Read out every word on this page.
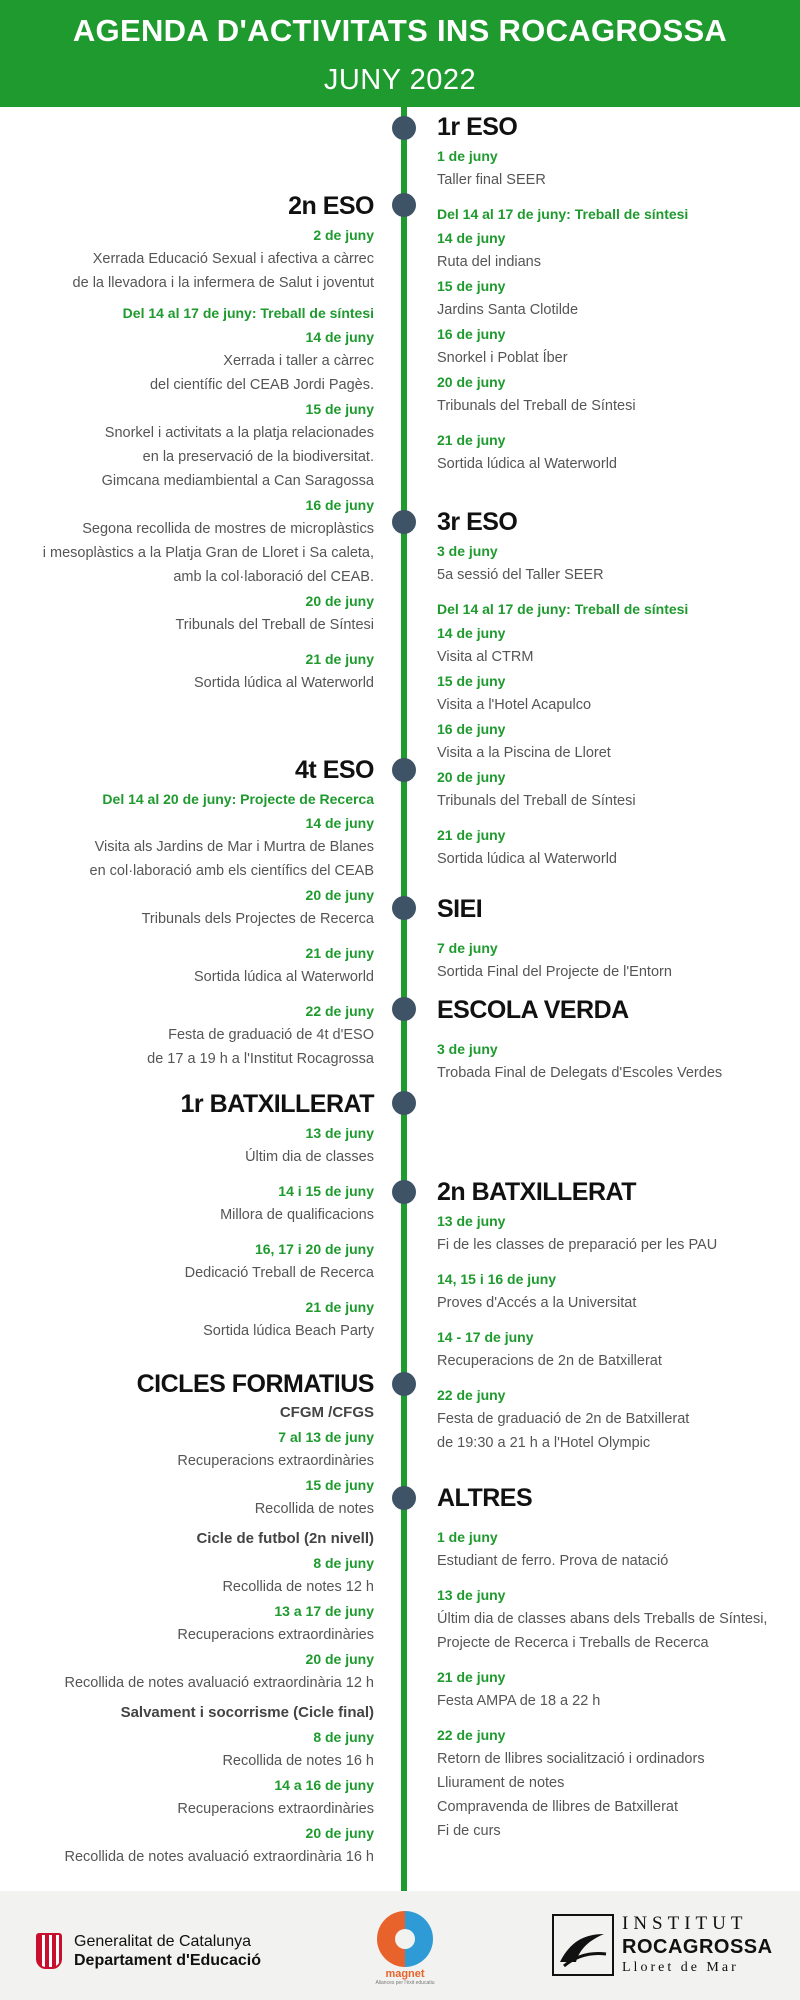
AGENDA D'ACTIVITATS INS ROCAGROSSA
JUNY 2022
1r ESO
1 de juny
Taller final SEER
Del 14 al 17 de juny: Treball de síntesi
14 de juny
Ruta del indians
15 de juny
Jardins Santa Clotilde
16 de juny
Snorkel i Poblat Íber
20 de juny
Tribunals del Treball de Síntesi
21 de juny
Sortida lúdica al Waterworld
2n ESO
2 de juny
Xerrada Educació Sexual i afectiva a càrrec
de la llevadora i la infermera de Salut i joventut
Del 14 al 17 de juny: Treball de síntesi
14 de juny
Xerrada i taller a càrrec
del científic del CEAB Jordi Pagès.
15 de juny
Snorkel i activitats a la platja relacionades
en la preservació de la biodiversitat.
Gimcana mediambiental a Can Saragossa
16 de juny
Segona recollida de mostres de microplàstics
i mesoplàstics a la Platja Gran de Lloret i Sa caleta,
amb la col·laboració del CEAB.
20 de juny
Tribunals del Treball de Síntesi
21 de juny
Sortida lúdica al Waterworld
3r ESO
3 de juny
5a sessió del Taller SEER
Del 14 al 17 de juny: Treball de síntesi
14 de juny
Visita al CTRM
15 de juny
Visita a l'Hotel Acapulco
16 de juny
Visita a la Piscina de Lloret
20 de juny
Tribunals del Treball de Síntesi
21 de juny
Sortida lúdica al Waterworld
4t ESO
Del 14 al 20 de juny: Projecte de Recerca
14 de juny
Visita als Jardins de Mar i Murtra de Blanes
en col·laboració amb els científics del CEAB
20 de juny
Tribunals dels Projectes de Recerca
21 de juny
Sortida lúdica al Waterworld
22 de juny
Festa de graduació de 4t d'ESO
de 17 a 19 h a l'Institut Rocagrossa
SIEI
7 de juny
Sortida Final del Projecte de l'Entorn
ESCOLA VERDA
3 de juny
Trobada Final de Delegats d'Escoles Verdes
1r BATXILLERAT
13 de juny
Últim dia de classes
14 i 15 de juny
Millora de qualificacions
16, 17 i 20 de juny
Dedicació Treball de Recerca
21 de juny
Sortida lúdica Beach Party
2n BATXILLERAT
13 de juny
Fi de les classes de preparació per les PAU
14, 15 i 16 de juny
Proves d'Accés a la Universitat
14 - 17 de juny
Recuperacions de 2n de Batxillerat
22 de juny
Festa de graduació de 2n de Batxillerat
de 19:30 a 21 h a l'Hotel Olympic
CICLES FORMATIUS
CFGM /CFGS
7 al 13 de juny
Recuperacions extraordinàries
15 de juny
Recollida de notes
Cicle de futbol (2n nivell)
8 de juny
Recollida de notes 12 h
13 a 17 de juny
Recuperacions extraordinàries
20 de juny
Recollida de notes avaluació extraordinària 12 h
Salvament i socorrisme (Cicle final)
8 de juny
Recollida de notes 16 h
14 a 16 de juny
Recuperacions extraordinàries
20 de juny
Recollida de notes avaluació extraordinària 16 h
ALTRES
1 de juny
Estudiant de ferro. Prova de natació
13 de juny
Últim dia de classes abans dels Treballs de Síntesi,
Projecte de Recerca i Treballs de Recerca
21 de juny
Festa AMPA de 18 a 22 h
22 de juny
Retorn de llibres socialització i ordinadors
Lliurament de notes
Compravenda de llibres de Batxillerat
Fi de curs
Generalitat de Catalunya
Departament d'Educació
magnet
Aliances per l'èxit educatiu
INSTITUT
ROCAGROSSA
Lloret de Mar
